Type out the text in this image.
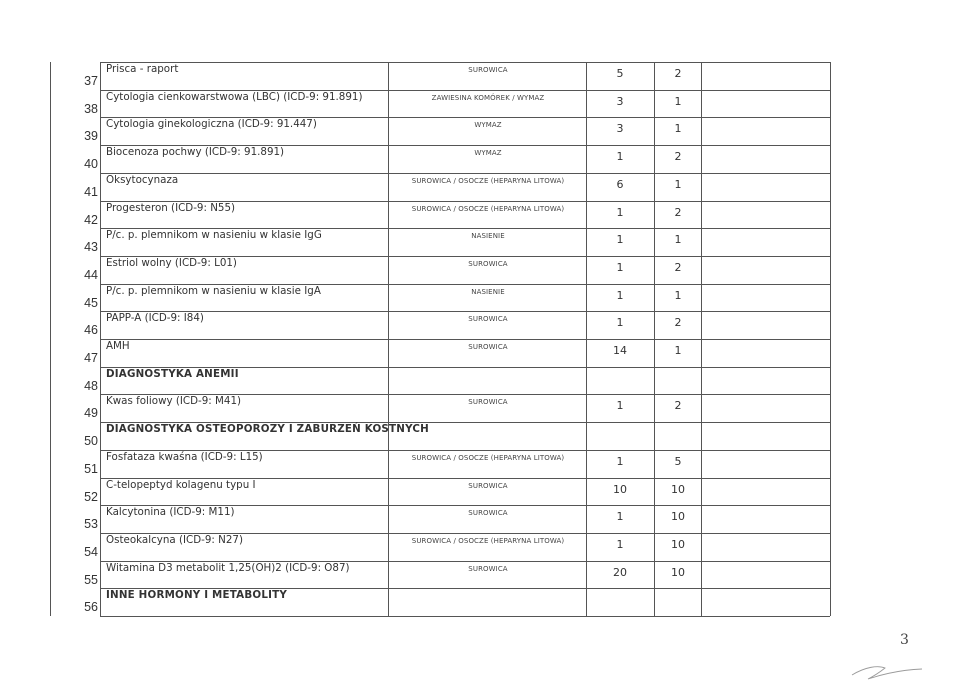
37
Prisca - raport	SUROWICA	5	2
38
Cytologia cienkowarstwowa (LBC) (ICD-9: 91.891)	ZAWIESINA KOMÓREK / WYMAZ	3	1
39
Cytologia ginekologiczna (ICD-9: 91.447)	WYMAZ	3	1
40
Biocenoza pochwy (ICD-9: 91.891)	WYMAZ	1	2
41
Oksytocynaza	SUROWICA / OSOCZE (HEPARYNA LITOWA)	6	1
42
Progesteron (ICD-9: N55)	SUROWICA / OSOCZE (HEPARYNA LITOWA)	1	2
43
P/c. p. plemnikom w nasieniu w klasie IgG	NASIENIE	1	1
44
Estriol wolny (ICD-9: L01)	SUROWICA	1	2
45
P/c. p. plemnikom w nasieniu w klasie IgA	NASIENIE	1	1
46
PAPP-A (ICD-9: I84)	SUROWICA	1	2
47
AMH	SUROWICA	14	1
48
DIAGNOSTYKA ANEMII
49
Kwas foliowy (ICD-9: M41)	SUROWICA	1	2
50
DIAGNOSTYKA OSTEOPOROZY I ZABURZEŃ KOSTNYCH
51
Fosfataza kwaśna (ICD-9: L15)	SUROWICA / OSOCZE (HEPARYNA LITOWA)	1	5
52
C-telopeptyd kolagenu typu I	SUROWICA	10	10
53
Kalcytonina (ICD-9: M11)	SUROWICA	1	10
54
Osteokalcyna (ICD-9: N27)	SUROWICA / OSOCZE (HEPARYNA LITOWA)	1	10
55
Witamina D3 metabolit 1,25(OH)2 (ICD-9: O87)	SUROWICA	20	10
56
INNE HORMONY I METABOLITY
3
